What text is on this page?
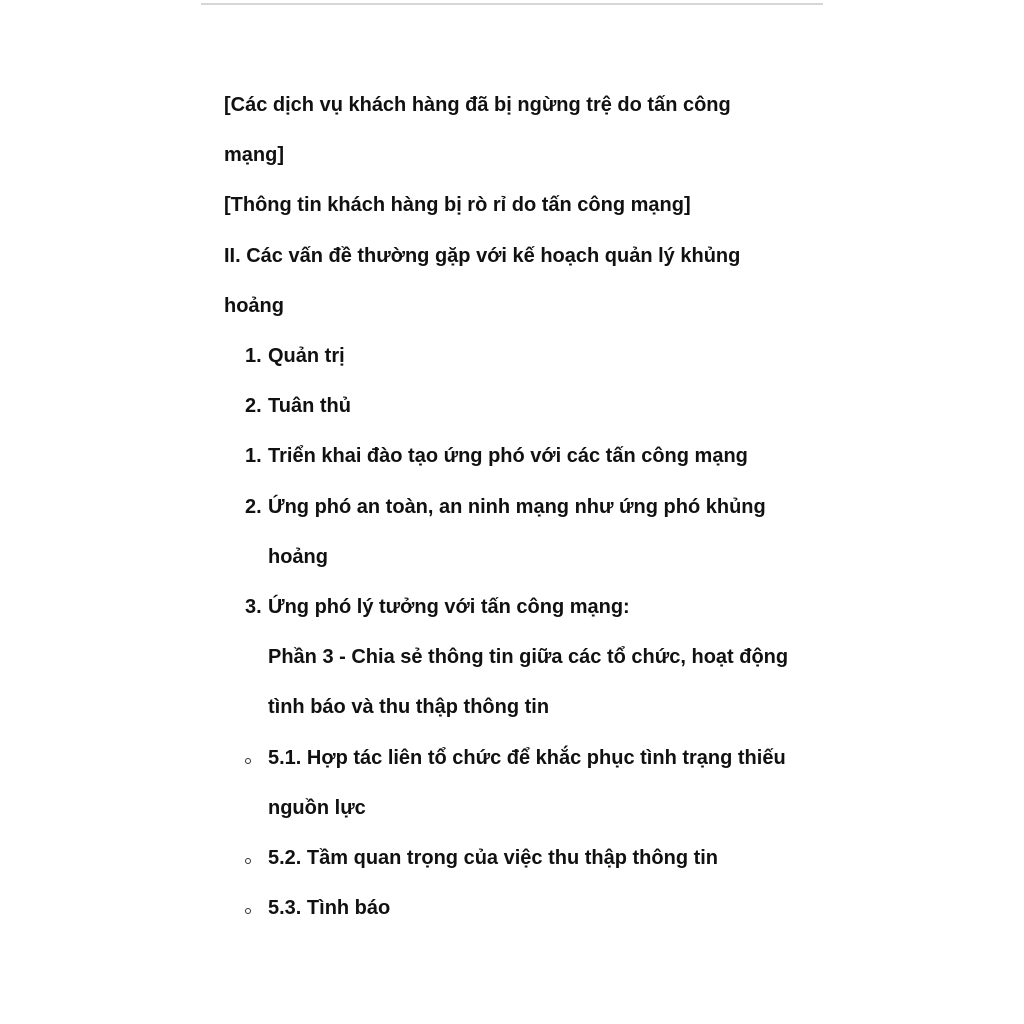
[Các dịch vụ khách hàng đã bị ngừng trệ do tấn công mạng]

[Thông tin khách hàng bị rò rỉ do tấn công mạng]

II. Các vấn đề thường gặp với kế hoạch quản lý khủng hoảng

1. Quản trị
2. Tuân thủ
1. Triển khai đào tạo ứng phó với các tấn công mạng
2. Ứng phó an toàn, an ninh mạng như ứng phó khủng hoảng
3. Ứng phó lý tưởng với tấn công mạng:

Phần 3 - Chia sẻ thông tin giữa các tổ chức, hoạt động tình báo và thu thập thông tin

5.1. Hợp tác liên tổ chức để khắc phục tình trạng thiếu nguồn lực
5.2. Tầm quan trọng của việc thu thập thông tin
5.3. Tình báo
